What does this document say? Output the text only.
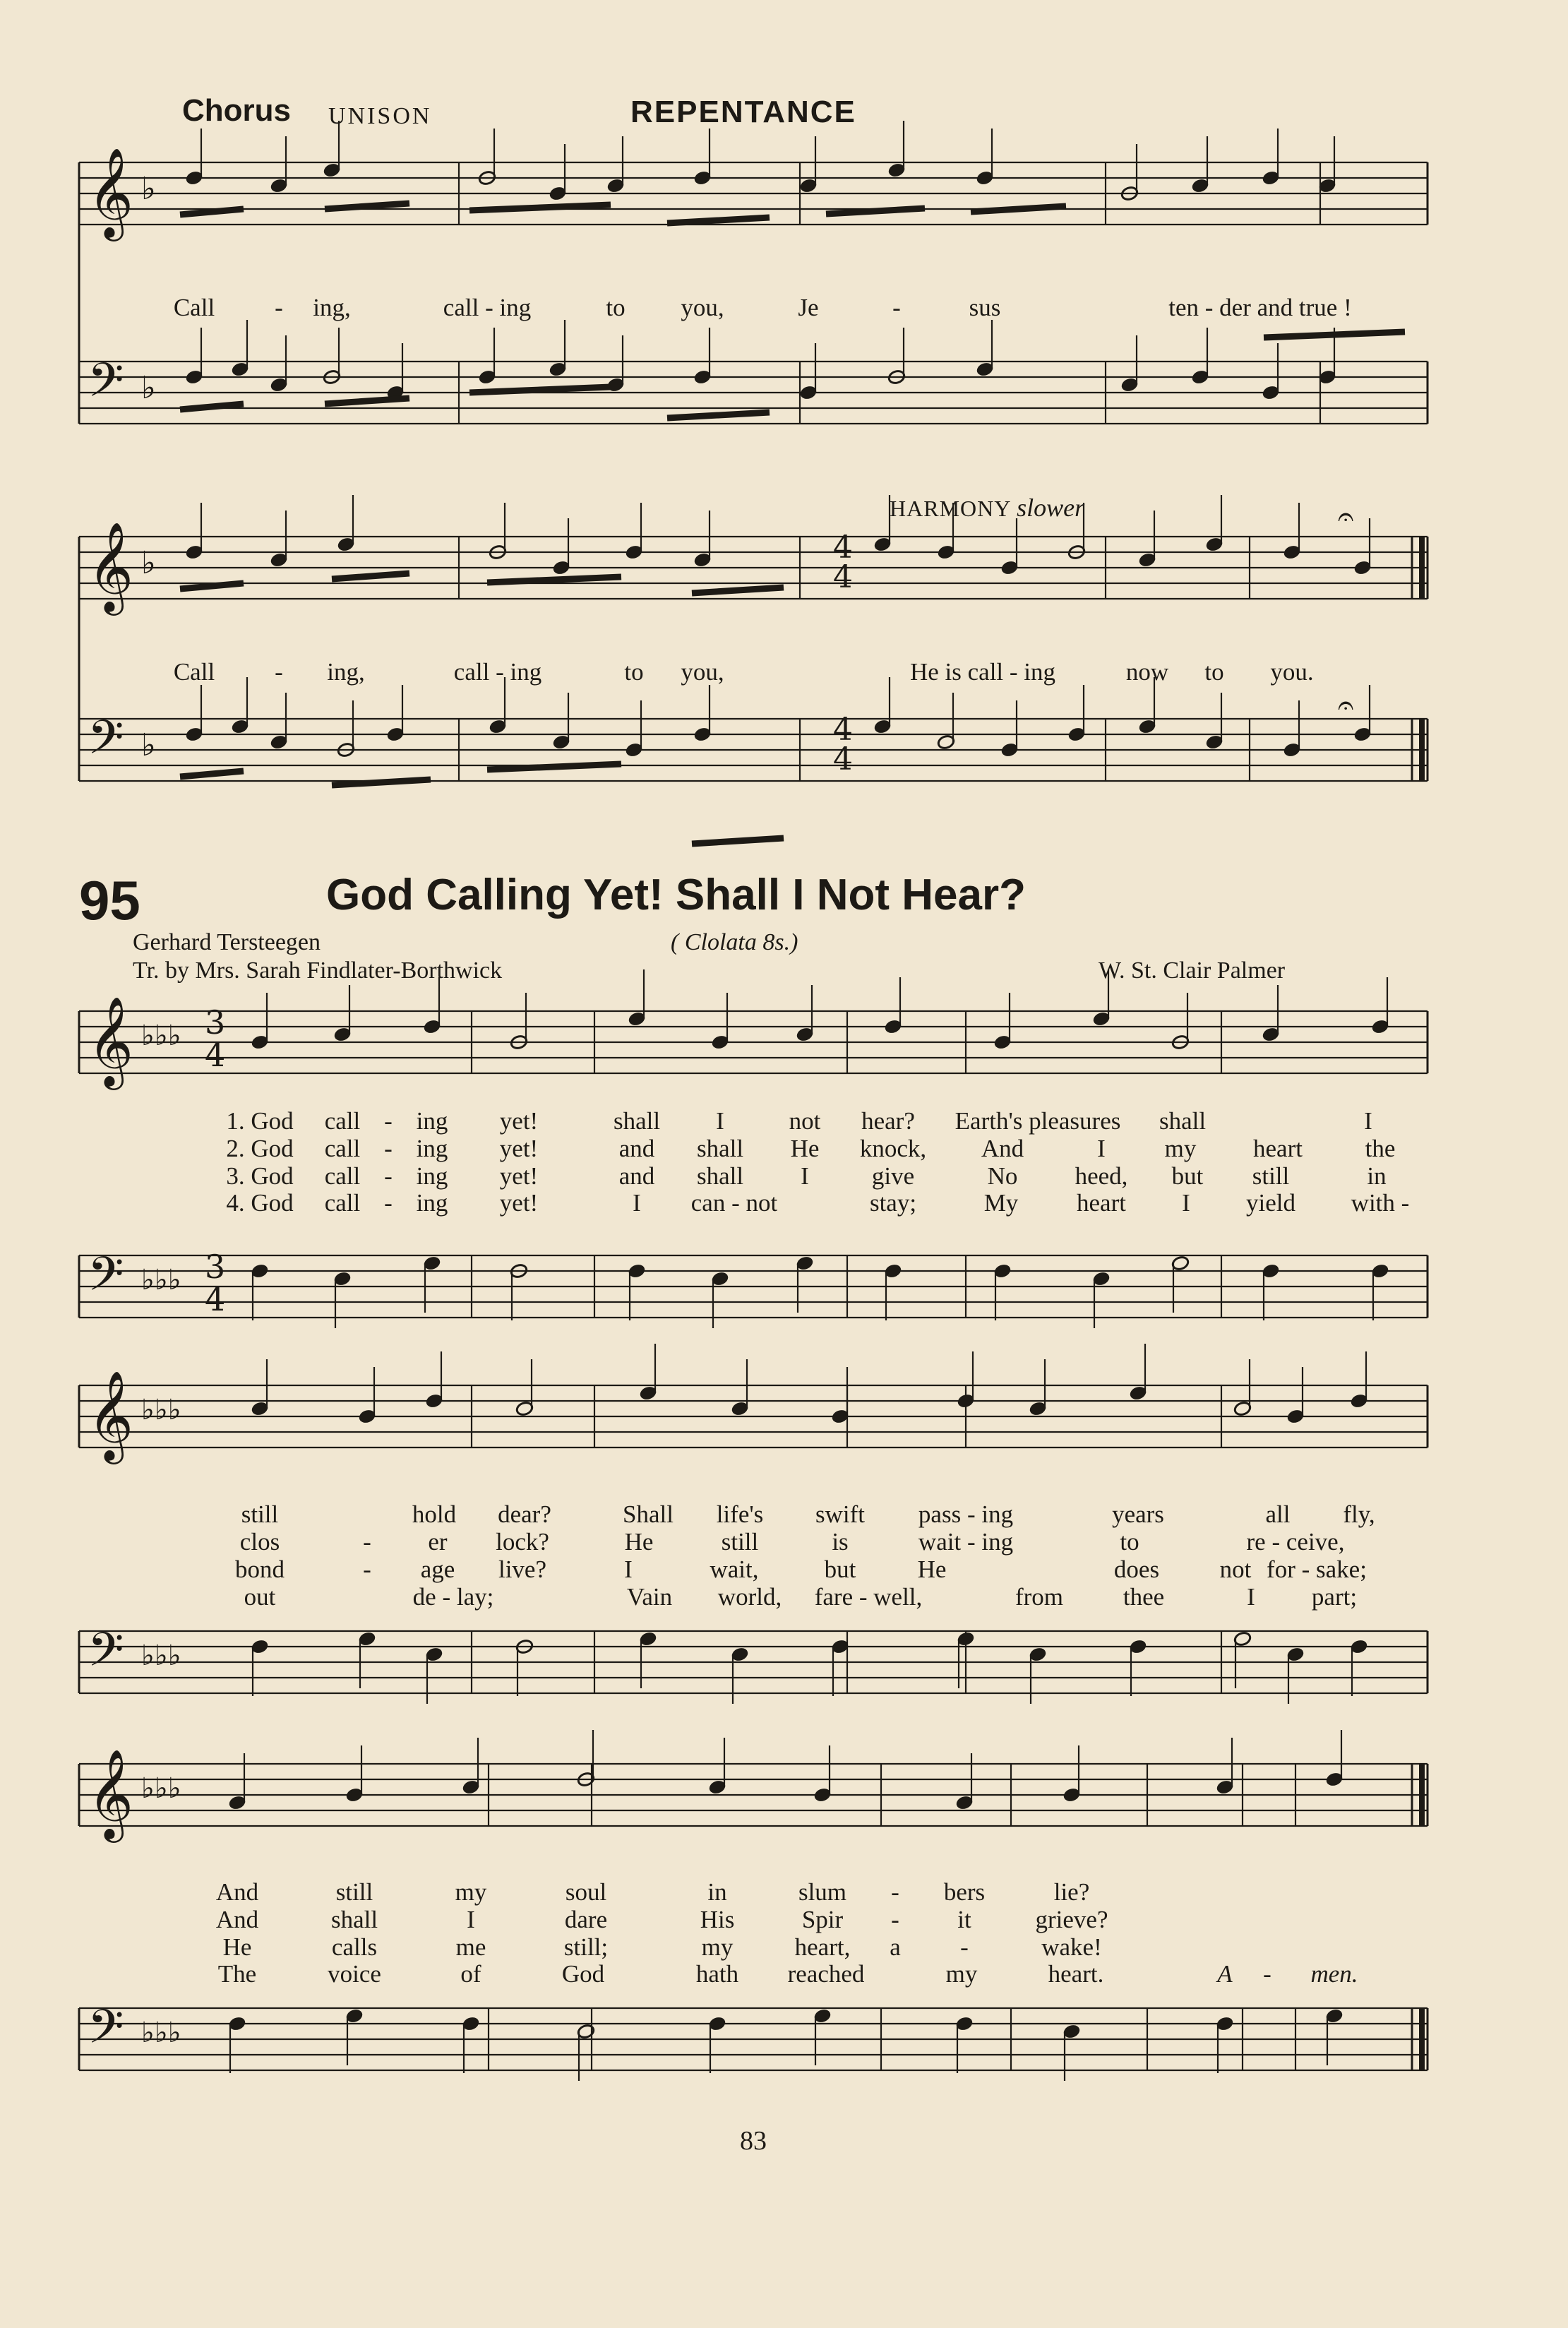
Chorus UNISON	REPENTANCE
𝄞 ♭
𝄢 ♭
𝄞 ♭
𝄢 ♭
𝄞 ♭♭♭
𝄢 ♭♭♭
𝄞 ♭♭♭
𝄢 ♭♭♭
𝄞 ♭♭♭
𝄢 ♭♭♭
3
4
3
4
4
4
4
4
𝄐
𝄐
Call - ing,	call - ing	to you,	Je	-	sus	ten - der and true !
Call - ing,	call - ing	to you,	He is call - ing	now to you.
HARMONY slower
95	God Calling Yet! Shall I Not Hear?
Gerhard Tersteegen	( Clolata 8s.)
Tr. by Mrs. Sarah Findlater-Borthwick	W. St. Clair Palmer
1. God call - ing yet!	shall I	not hear? Earth's pleasures shall	I
2. God call - ing yet!	and shall He knock, And	I my heart	the
3. God call - ing yet!	and shall I	give	No heed, but still	in
4. God call - ing yet!	I can - not	stay;	My heart I yield with -
still	hold dear?	Shall life's swift pass - ing	years	all fly,
clos	- er lock?	He	still	is	wait - ing	to	re - ceive,
bond	- age live?	I	wait,	but He	does not for - sake;
out	de - lay;	Vain world, fare - well,	from thee	I part;
And	still	my	soul	in	slum - bers	lie?
And	shall	I	dare	His	Spir - it	grieve?
He	calls	me	still;	my heart, a -	wake!
The	voice	of	God	hath reached	my	heart.	A - men.
83
